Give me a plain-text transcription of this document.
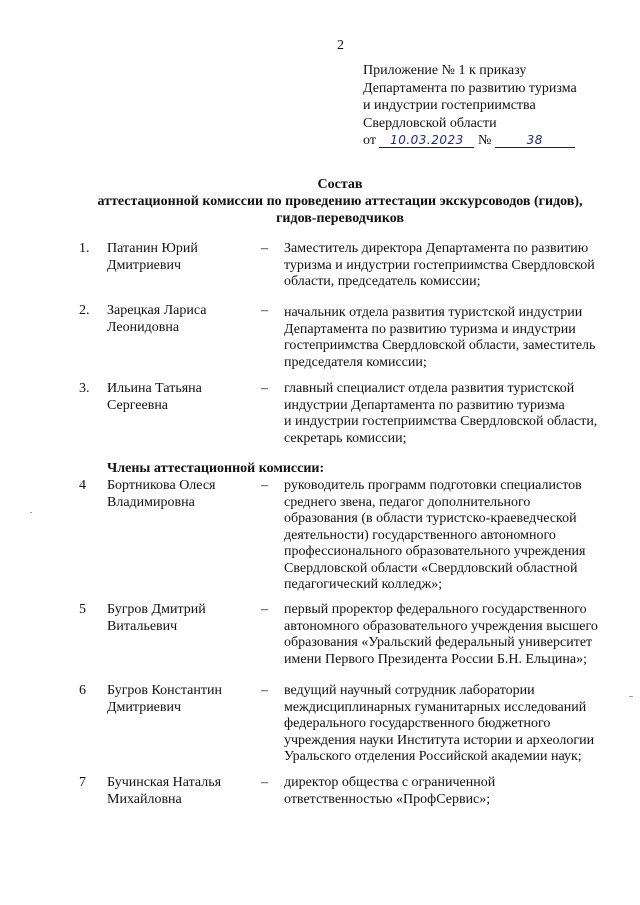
2
Приложение № 1 к приказу
Департамента по развитию туризма
и индустрии гостеприимства
Свердловской области
от 10.03.2023 №	38
Состав
аттестационной комиссии по проведению аттестации экскурсоводов (гидов),
гидов-переводчиков
1. Патанин Юрий
Дмитриевич
– Заместитель директора Департамента по развитию
туризма и индустрии гостеприимства Свердловской
области, председатель комиссии;
2. Зарецкая Лариса
Леонидовна
– начальник отдела развития туристской индустрии
Департамента по развитию туризма и индустрии
гостеприимства Свердловской области, заместитель
председателя комиссии;
3. Ильина Татьяна
Сергеевна
– главный специалист отдела развития туристской
индустрии Департамента по развитию туризма
и индустрии гостеприимства Свердловской области,
секретарь комиссии;
Члены аттестационной комиссии:
4 Бортникова Олеся
Владимировна
– руководитель программ подготовки специалистов
среднего звена, педагог дополнительного
образования (в области туристско-краеведческой
деятельности) государственного автономного
профессионального образовательного учреждения
Свердловской области «Свердловский областной
педагогический колледж»;
5 Бугров Дмитрий
Витальевич
– первый проректор федерального государственного
автономного образовательного учреждения высшего
образования «Уральский федеральный университет
имени Первого Президента России Б.Н. Ельцина»;
6 Бугров Константин
Дмитриевич
– ведущий научный сотрудник лаборатории
междисциплинарных гуманитарных исследований
федерального государственного бюджетного
учреждения науки Института истории и археологии
Уральского отделения Российской академии наук;
7 Бучинская Наталья
Михайловна
– директор общества с ограниченной
ответственностью «ПрофСервис»;
